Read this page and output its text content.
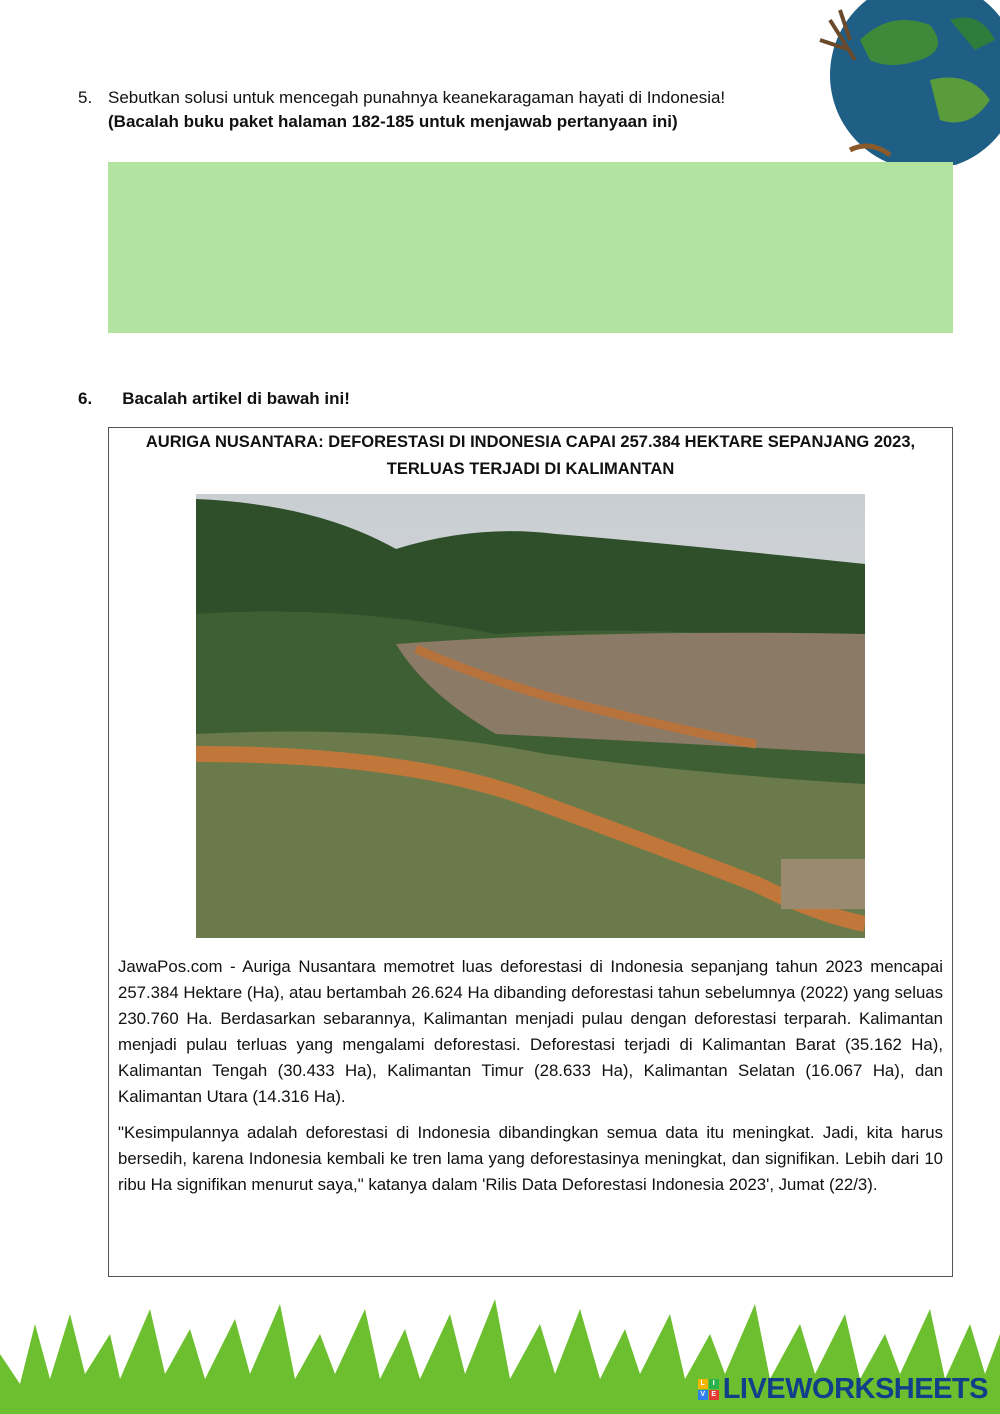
5. Sebutkan solusi untuk mencegah punahnya keanekaragaman hayati di Indonesia!
(Bacalah buku paket halaman 182-185 untuk menjawab pertanyaan ini)
6. Bacalah artikel di bawah ini!
AURIGA NUSANTARA: DEFORESTASI DI INDONESIA CAPAI 257.384 HEKTARE SEPANJANG 2023, TERLUAS TERJADI DI KALIMANTAN

JawaPos.com - Auriga Nusantara memotret luas deforestasi di Indonesia sepanjang tahun 2023 mencapai 257.384 Hektare (Ha), atau bertambah 26.624 Ha dibanding deforestasi tahun sebelumnya (2022) yang seluas 230.760 Ha. Berdasarkan sebarannya, Kalimantan menjadi pulau dengan deforestasi terparah. Kalimantan menjadi pulau terluas yang mengalami deforestasi. Deforestasi terjadi di Kalimantan Barat (35.162 Ha), Kalimantan Tengah (30.433 Ha), Kalimantan Timur (28.633 Ha), Kalimantan Selatan (16.067 Ha), dan Kalimantan Utara (14.316 Ha).

"Kesimpulannya adalah deforestasi di Indonesia dibandingkan semua data itu meningkat. Jadi, kita harus bersedih, karena Indonesia kembali ke tren lama yang deforestasinya meningkat, dan signifikan. Lebih dari 10 ribu Ha signifikan menurut saya," katanya dalam 'Rilis Data Deforestasi Indonesia 2023', Jumat (22/3).

L	I
V E LIVEWORKSHEETS
